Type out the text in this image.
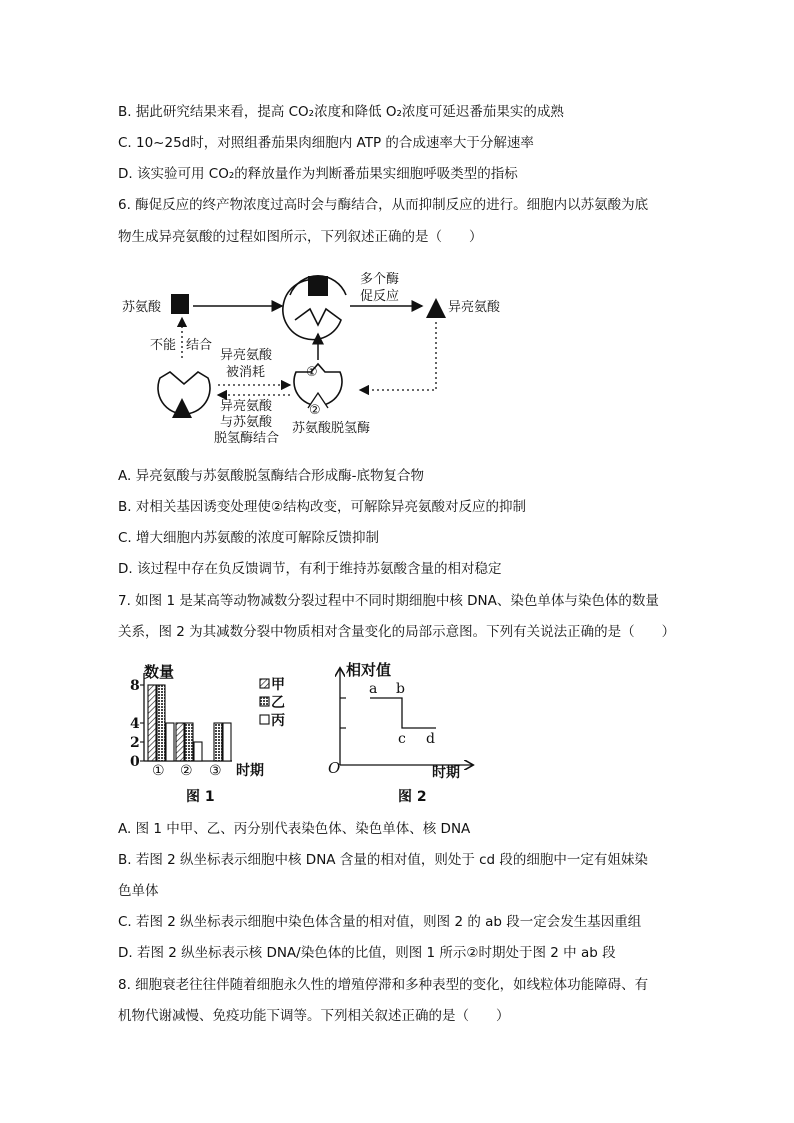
B. 据此研究结果来看，提高 CO₂浓度和降低 O₂浓度可延迟番茄果实的成熟
C. 10~25d时，对照组番茄果肉细胞内 ATP 的合成速率大于分解速率
D. 该实验可用 CO₂的释放量作为判断番茄果实细胞呼吸类型的指标
6. 酶促反应的终产物浓度过高时会与酶结合，从而抑制反应的进行。细胞内以苏氨酸为底
物生成异亮氨酸的过程如图所示，下列叙述正确的是（　　）
苏氨酸
多个酶
促反应
异亮氨酸
①
②
苏氨酸脱氢酶
不能 结合
异亮氨酸
被消耗
异亮氨酸
与苏氨酸
脱氢酶结合
A. 异亮氨酸与苏氨酸脱氢酶结合形成酶-底物复合物
B. 对相关基因诱变处理使②结构改变，可解除异亮氨酸对反应的抑制
C. 增大细胞内苏氨酸的浓度可解除反馈抑制
D. 该过程中存在负反馈调节，有利于维持苏氨酸含量的相对稳定
7. 如图 1 是某高等动物减数分裂过程中不同时期细胞中核 DNA、染色单体与染色体的数量
关系，图 2 为其减数分裂中物质相对含量变化的局部示意图。下列有关说法正确的是（　　）
① ② ③
0
2
4
8	甲
乙
丙
数量
时期
图 1
相对值
a b
c d
O	时期
图 2
A. 图 1 中甲、乙、丙分别代表染色体、染色单体、核 DNA
B. 若图 2 纵坐标表示细胞中核 DNA 含量的相对值，则处于 cd 段的细胞中一定有姐妹染
色单体
C. 若图 2 纵坐标表示细胞中染色体含量的相对值，则图 2 的 ab 段一定会发生基因重组
D. 若图 2 纵坐标表示核 DNA/染色体的比值，则图 1 所示②时期处于图 2 中 ab 段
8. 细胞衰老往往伴随着细胞永久性的增殖停滞和多种表型的变化，如线粒体功能障碍、有
机物代谢减慢、免疫功能下调等。下列相关叙述正确的是（　　）
